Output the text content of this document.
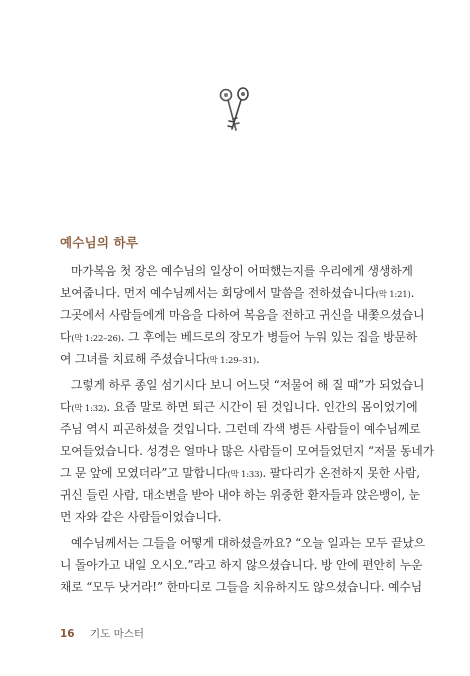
예수님의 하루
마가복음 첫 장은 예수님의 일상이 어떠했는지를 우리에게 생생하게
보여줍니다. 먼저 예수님께서는 회당에서 말씀을 전하셨습니다(막 1:21).
그곳에서 사람들에게 마음을 다하여 복음을 전하고 귀신을 내쫓으셨습니
다(막 1:22–26). 그 후에는 베드로의 장모가 병들어 누워 있는 집을 방문하
여 그녀를 치료해 주셨습니다(막 1:29–31).
그렇게 하루 종일 섬기시다 보니 어느덧 “저물어 해 질 때”가 되었습니
다(막 1:32). 요즘 말로 하면 퇴근 시간이 된 것입니다. 인간의 몸이었기에
주님 역시 피곤하셨을 것입니다. 그런데 각색 병든 사람들이 예수님께로
모여들었습니다. 성경은 얼마나 많은 사람들이 모여들었던지 “저물 동네가
그 문 앞에 모였더라”고 말합니다(막 1:33). 팔다리가 온전하지 못한 사람,
귀신 들린 사람, 대소변을 받아 내야 하는 위중한 환자들과 앉은뱅이, 눈
먼 자와 같은 사람들이었습니다.
예수님께서는 그들을 어떻게 대하셨을까요? “오늘 일과는 모두 끝났으
니 돌아가고 내일 오시오.”라고 하지 않으셨습니다. 방 안에 편안히 누운
채로 “모두 낫거라!” 한마디로 그들을 치유하지도 않으셨습니다. 예수님
16 기도 마스터
